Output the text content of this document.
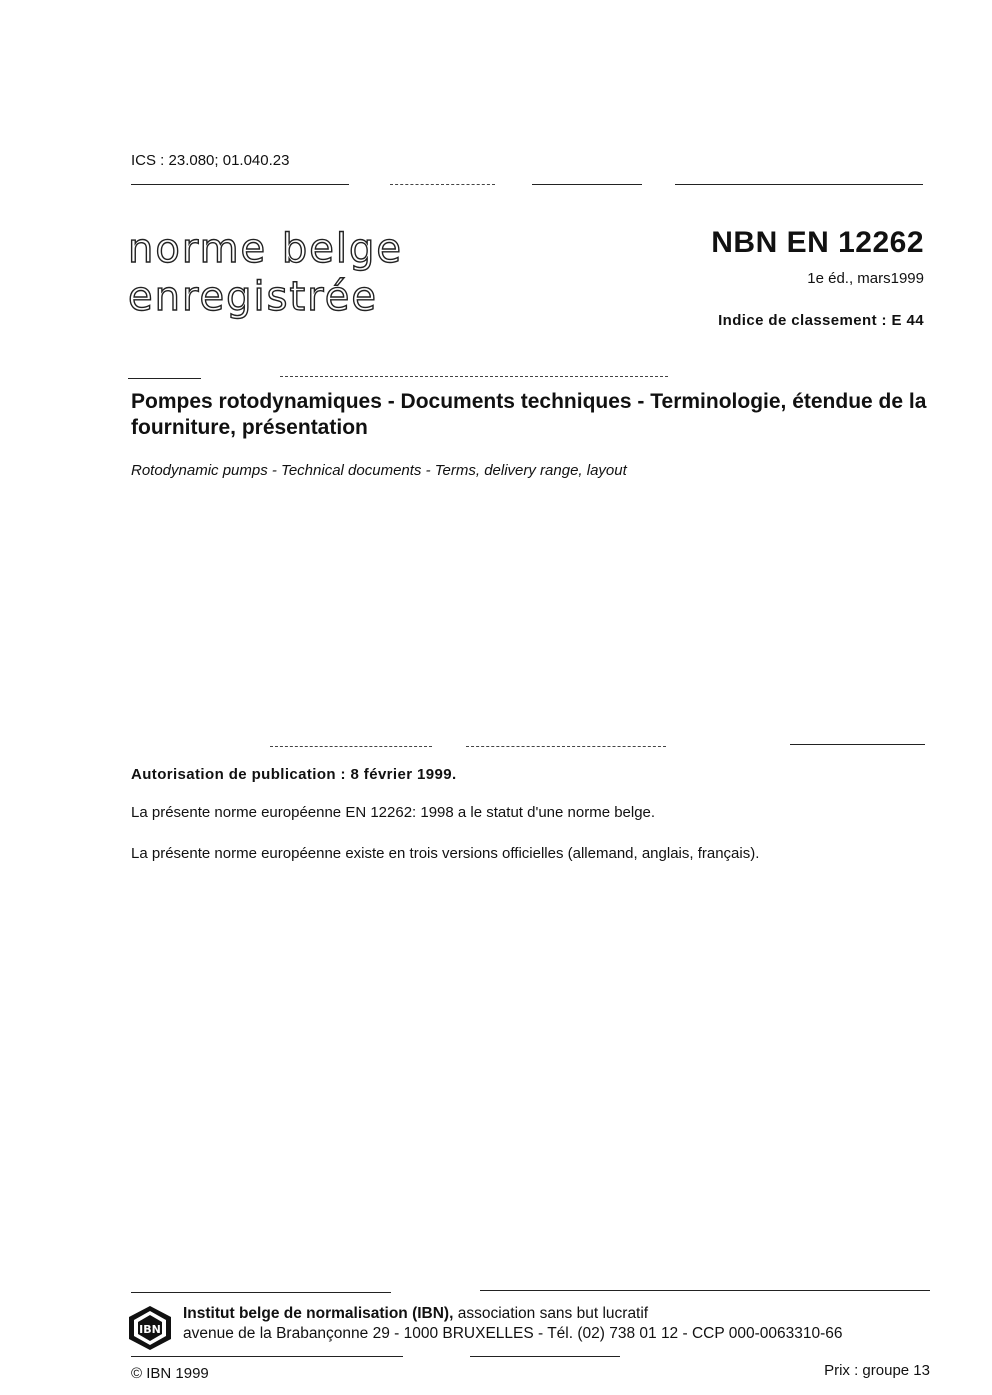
ICS : 23.080; 01.040.23
norme belge
enregistrée
NBN EN 12262
1e éd., mars1999
Indice de classement : E 44
Pompes rotodynamiques - Documents techniques - Terminologie, étendue de la fourniture, présentation
Rotodynamic pumps - Technical documents - Terms, delivery range, layout
Autorisation de publication : 8 février 1999.
La présente norme européenne EN 12262: 1998 a le statut d'une norme belge.
La présente norme européenne existe en trois versions officielles (allemand, anglais, français).
IBN
Institut belge de normalisation (IBN), association sans but lucratif
avenue de la Brabançonne 29 - 1000 BRUXELLES - Tél. (02) 738 01 12 - CCP 000-0063310-66
© IBN 1999	Prix : groupe 13
